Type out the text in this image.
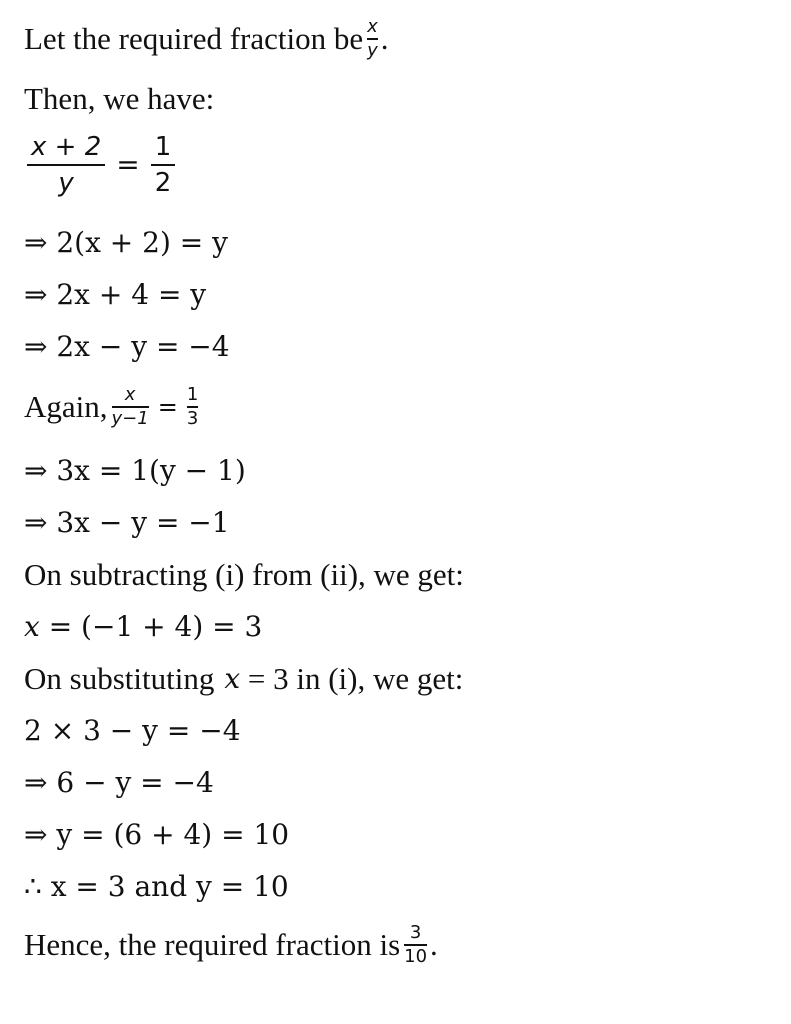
Let the required fraction be $\frac{x}{y}$ .
Then, we have:
$\frac{x + 2}{y} = \frac{1}{2}$
⇒ 2(x + 2) = y
⇒ 2x + 4 = y
⇒ 2x − y = −4
Again, $\frac{x}{y-1} = \frac{1}{3}$
⇒ 3x = 1(y − 1)
⇒ 3x − y = −1
On subtracting (i) from (ii), we get:
x = (−1 + 4) = 3
On substituting x = 3 in (i), we get:
2 × 3 − y = −4
⇒ 6 − y = −4
⇒ y = (6 + 4) = 10
∴ x = 3 and y = 10
Hence, the required fraction is $\frac{3}{10}$ .
